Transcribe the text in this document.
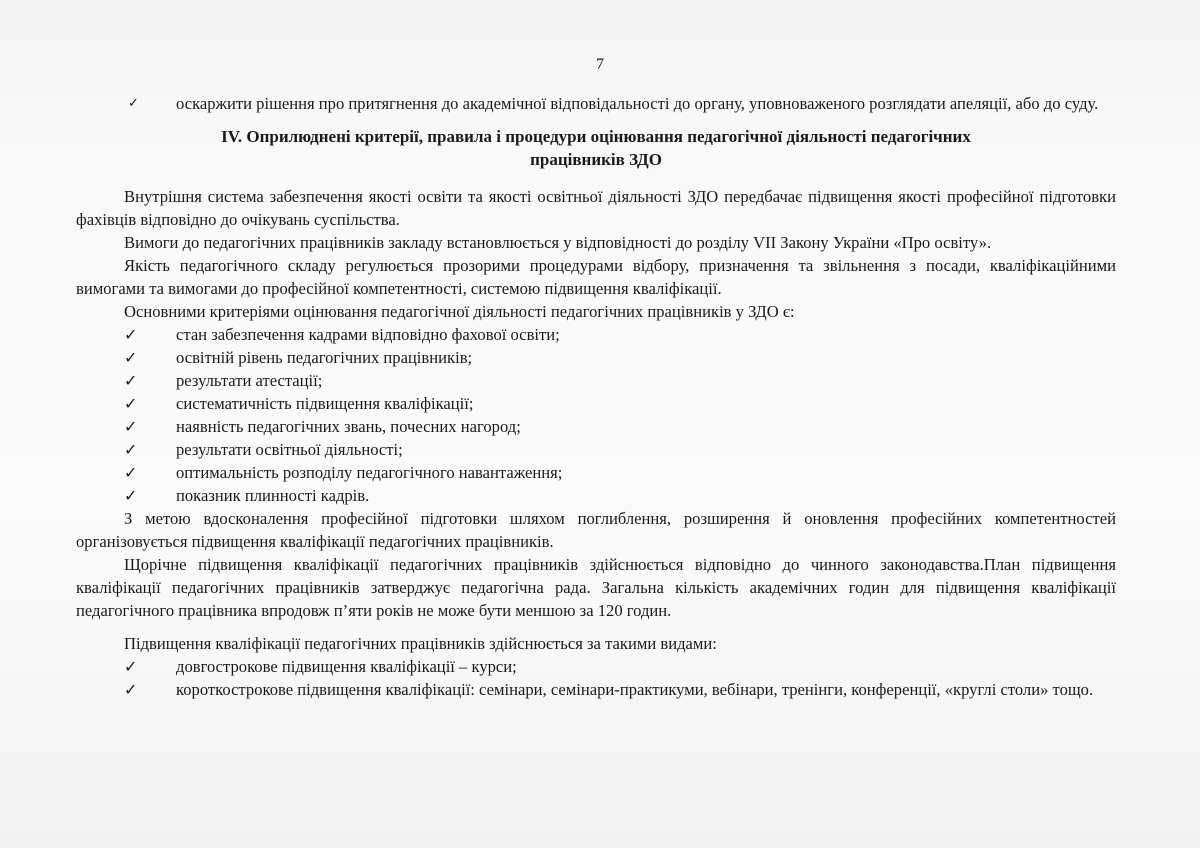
7

✓ оскаржити рішення про притягнення до академічної відповідальності до органу, уповноваженого розглядати апеляції, або до суду.

IV. Оприлюднені критерії, правила і процедури оцінювання педагогічної діяльності педагогічних
працівників ЗДО

Внутрішня система забезпечення якості освіти та якості освітньої діяльності ЗДО передбачає підвищення якості професійної підготовки фахівців відповідно до очікувань суспільства.

Вимоги до педагогічних працівників закладу встановлюється у відповідності до розділу VII Закону України «Про освіту».

Якість педагогічного складу регулюється прозорими процедурами відбору, призначення та звільнення з посади, кваліфікаційними вимогами та вимогами до професійної компетентності, системою підвищення кваліфікації.

Основними критеріями оцінювання педагогічної діяльності педагогічних працівників у ЗДО є:

✓ стан забезпечення кадрами відповідно фахової освіти;

✓ освітній рівень педагогічних працівників;

✓ результати атестації;

✓ систематичність підвищення кваліфікації;

✓ наявність педагогічних звань, почесних нагород;

✓ результати освітньої діяльності;

✓ оптимальність розподілу педагогічного навантаження;

✓ показник плинності кадрів.

З метою вдосконалення професійної підготовки шляхом поглиблення, розширення й оновлення професійних компетентностей організовується підвищення кваліфікації педагогічних працівників.

Щорічне підвищення кваліфікації педагогічних працівників здійснюється відповідно до чинного законодавства.План підвищення кваліфікації педагогічних працівників затверджує педагогічна рада. Загальна кількість академічних годин для підвищення кваліфікації педагогічного працівника впродовж п’яти років не може бути меншою за 120 годин.

Підвищення кваліфікації педагогічних працівників здійснюється за такими видами:

✓ довгострокове підвищення кваліфікації – курси;

✓ короткострокове підвищення кваліфікації: семінари, семінари-практикуми, вебінари, тренінги, конференції, «круглі столи» тощо.
